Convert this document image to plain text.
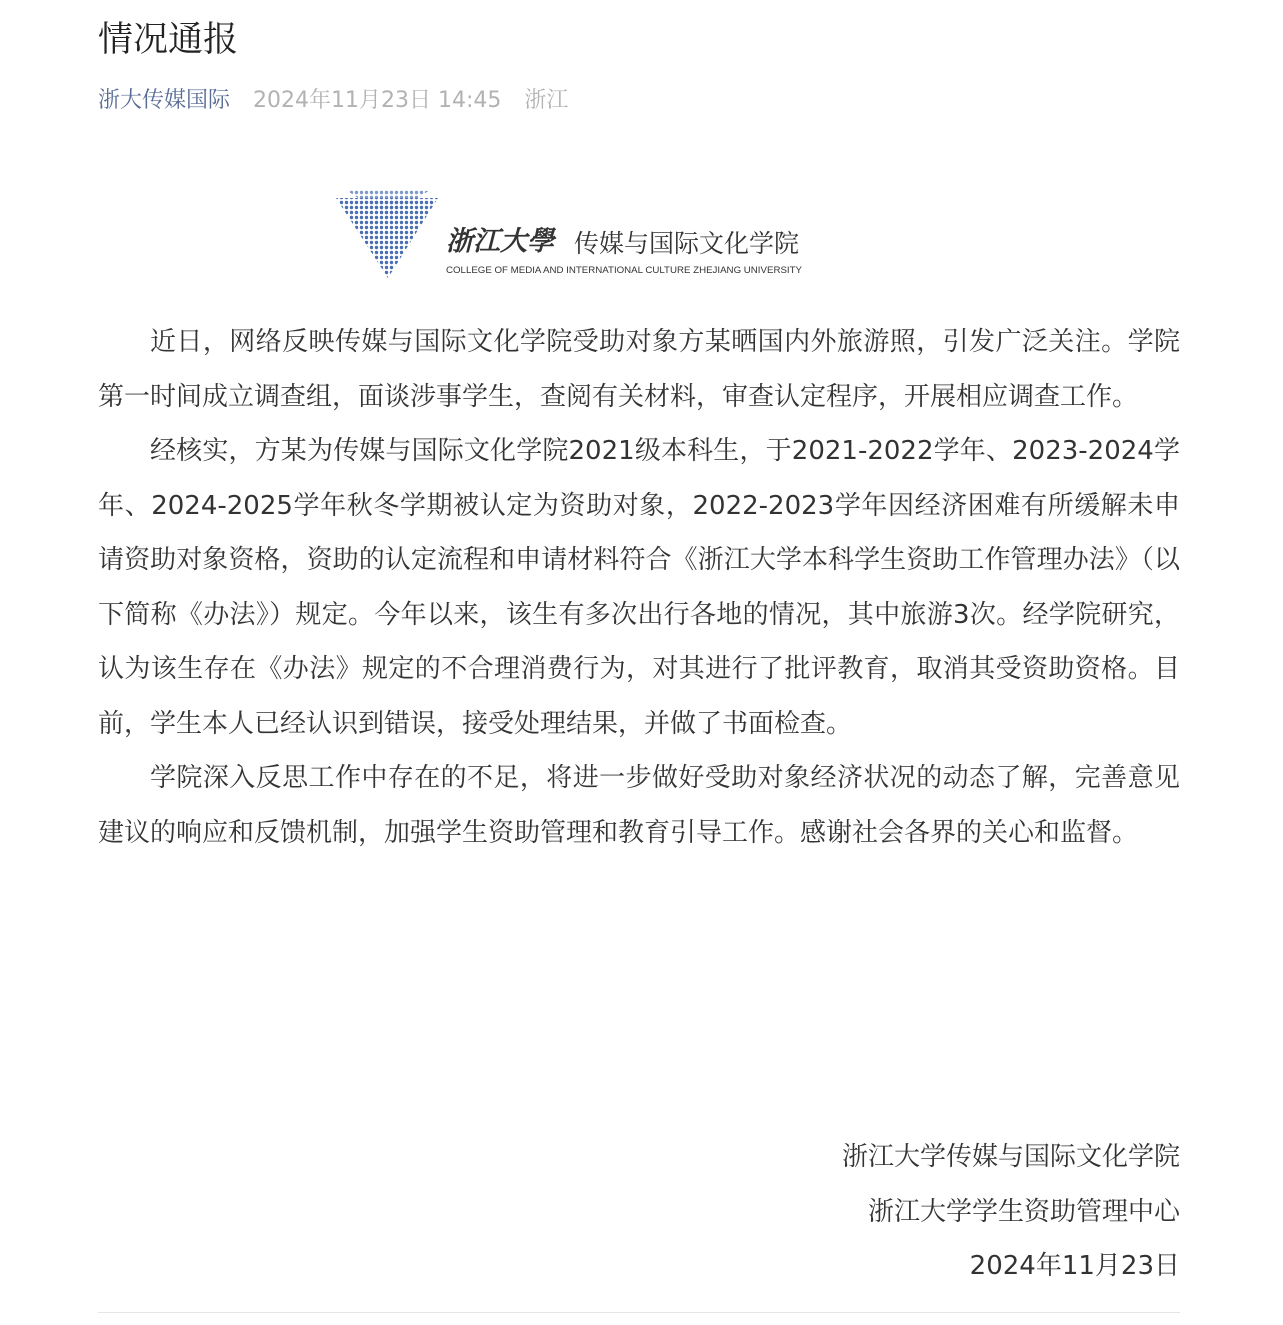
情况通报
浙大传媒国际 2024年11月23日 14:45 浙江
浙江大學 传媒与国际文化学院
COLLEGE OF MEDIA AND INTERNATIONAL CULTURE ZHEJIANG UNIVERSITY

近日，网络反映传媒与国际文化学院受助对象方某晒国内外旅游照，引发广泛关注。学院第一时间成立调查组，面谈涉事学生，查阅有关材料，审查认定程序，开展相应调查工作。

经核实，方某为传媒与国际文化学院2021级本科生，于2021-2022学年、2023-2024学年、2024-2025学年秋冬学期被认定为资助对象，2022-2023学年因经济困难有所缓解未申请资助对象资格，资助的认定流程和申请材料符合《浙江大学本科学生资助工作管理办法》（以下简称《办法》）规定。今年以来，该生有多次出行各地的情况，其中旅游3次。经学院研究，认为该生存在《办法》规定的不合理消费行为，对其进行了批评教育，取消其受资助资格。目前，学生本人已经认识到错误，接受处理结果，并做了书面检查。

学院深入反思工作中存在的不足，将进一步做好受助对象经济状况的动态了解，完善意见建议的响应和反馈机制，加强学生资助管理和教育引导工作。感谢社会各界的关心和监督。

浙江大学传媒与国际文化学院
浙江大学学生资助管理中心
2024年11月23日
